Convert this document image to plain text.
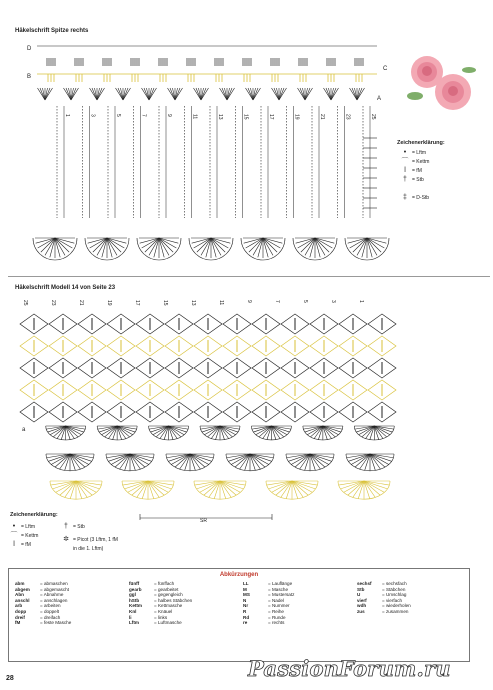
Häkelschrift Spitze rechts
D
B
C
A
1	3	5	7	9	11	13	15	17	19	21	23	25
Zeichenerklärung:
•	= Lftm
⌒ = Kettm
ǀ	= fM
†	= Stb
‡	= D-Stb
Häkelschrift Modell 14 von Seite 23
25	23	21	19	17	15	13	11	9	7	5	3	1
a
SR
Zeichenerklärung:
•	= Lftm
⌒ = Kettm
ǀ	= fM
†	= Stb
✲ = Picot (3 Lftm, 1 fM
in die 1. Lftm)
Abkürzungen
abm	= abmaschen
abgem	= abgemascht
Abn	= Abnahme
anschl	= anschlagen
arb	= arbeiten
dopp	= doppelt
dreif	= dreifach
fM	= feste Masche
fünff	= fünffach
gearb	= gearbeitet
ggl	= gegengleich
hStb	= halbes Stäbchen
Kettm	= Kettmasche
Knl	= Knäuel
li	= links
Lftm	= Luftmasche
LL	= Lauflänge
M	= Masche
MS	= Mustersatz
N	= Nadel
Nr	= Nummer
R	= Reihe
Rd	= Runde
re	= rechts
sechsf	= sechsfach
Stb	= Stäbchen
U	= Umschlag
vierf	= vierfach
wdh	= wiederholen
zus	= zusammen
28	PassionForum.ru
